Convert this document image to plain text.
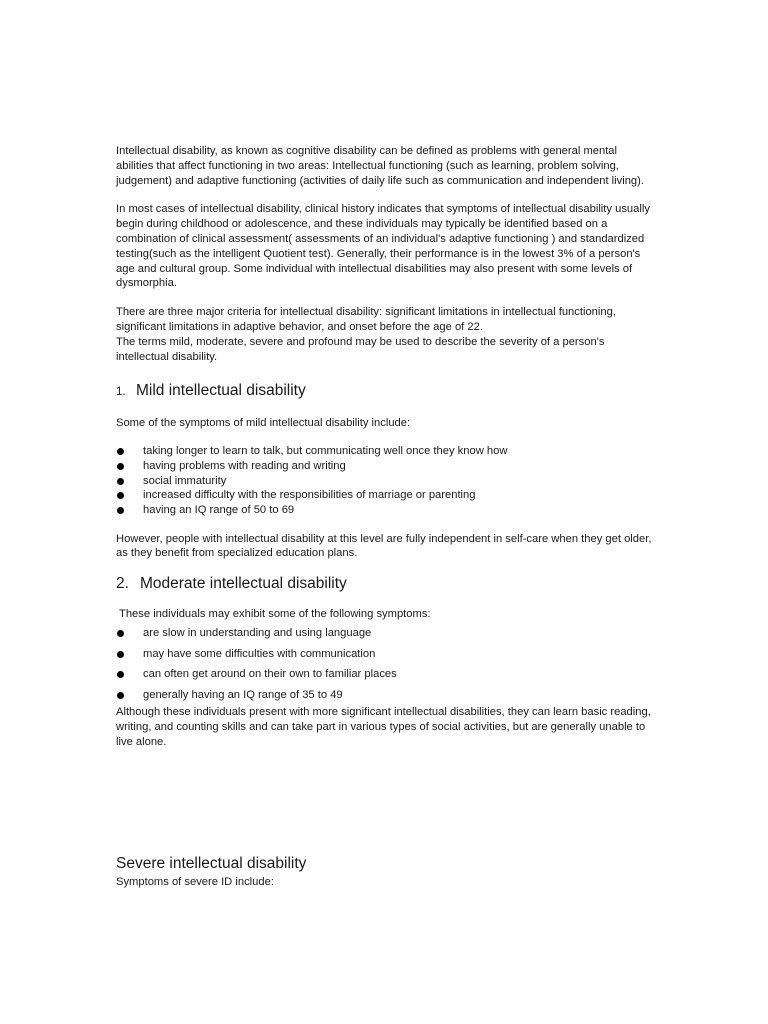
Intellectual disability, as known as cognitive disability can be defined as problems with general mental abilities that affect functioning in two areas: Intellectual functioning (such as learning, problem solving, judgement) and adaptive functioning (activities of daily life such as communication and independent living).

In most cases of intellectual disability, clinical history indicates that symptoms of intellectual disability usually begin during childhood or adolescence, and these individuals may typically be identified based on a combination of clinical assessment( assessments of an individual's adaptive functioning ) and standardized testing(such as the intelligent Quotient test). Generally, their performance is in the lowest 3% of a person's age and cultural group. Some individual with intellectual disabilities may also present with some levels of dysmorphia.

There are three major criteria for intellectual disability: significant limitations in intellectual functioning, significant limitations in adaptive behavior, and onset before the age of 22.

The terms mild, moderate, severe and profound may be used to describe the severity of a person's intellectual disability.

1. Mild intellectual disability

Some of the symptoms of mild intellectual disability include:

taking longer to learn to talk, but communicating well once they know how
having problems with reading and writing
social immaturity
increased difficulty with the responsibilities of marriage or parenting
having an IQ range of 50 to 69

However, people with intellectual disability at this level are fully independent in self-care when they get older, as they benefit from specialized education plans.

2. Moderate intellectual disability

These individuals may exhibit some of the following symptoms:

are slow in understanding and using language
may have some difficulties with communication
can often get around on their own to familiar places
generally having an IQ range of 35 to 49

Although these individuals present with more significant intellectual disabilities, they can learn basic reading, writing, and counting skills and can take part in various types of social activities, but are generally unable to live alone.

Severe intellectual disability

Symptoms of severe ID include:
